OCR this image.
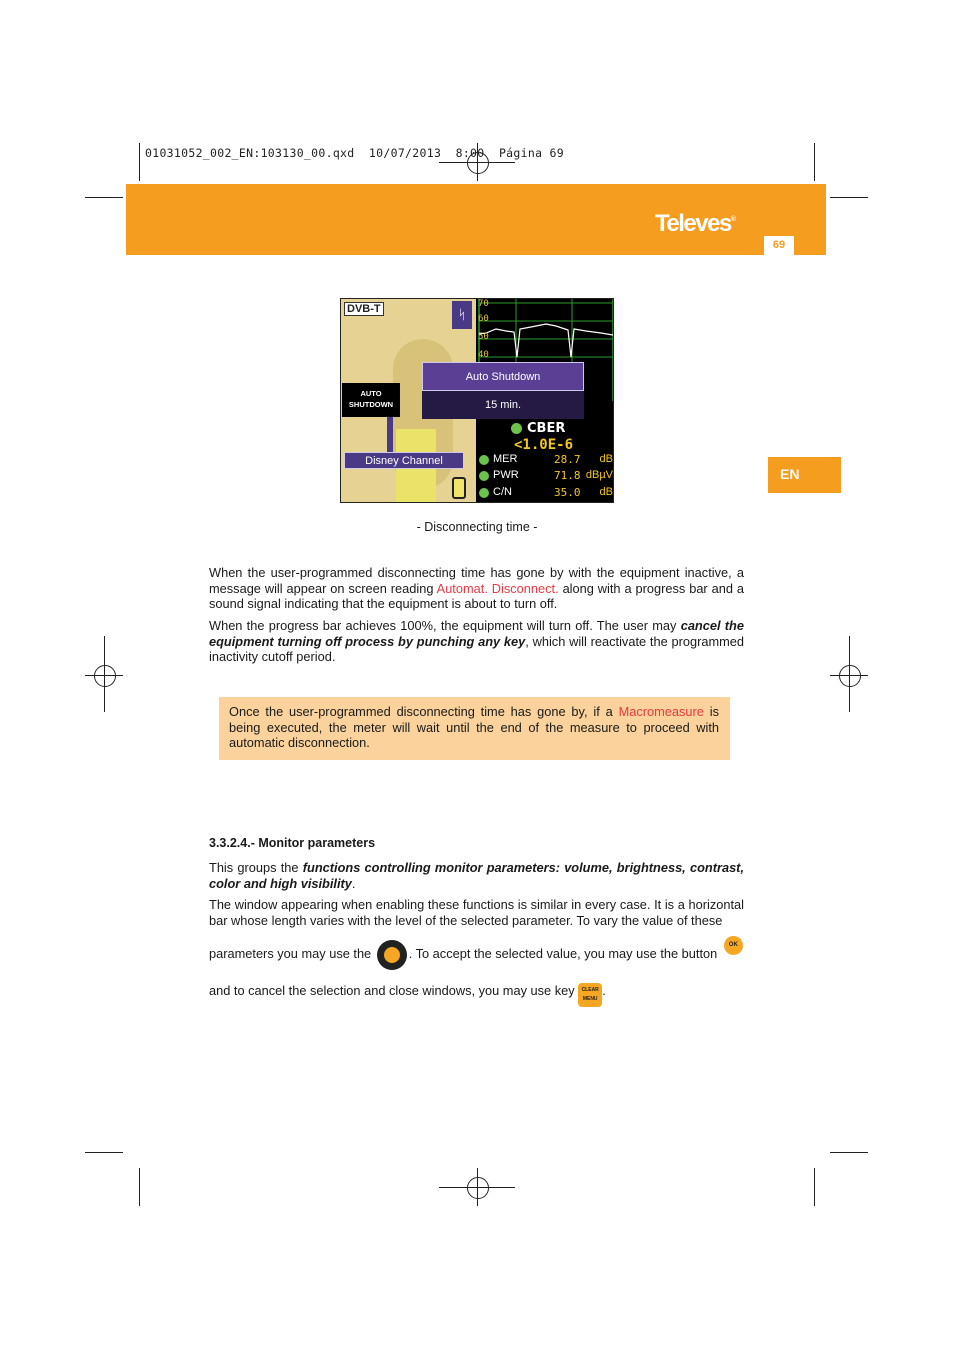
01031052_002_EN:103130_00.qxd  10/07/2013  8:00  Página 69
Televes®
69
EN
70
60
50
40
DVB-T	ᛋ
AUTO
SHUTDOWN
Auto Shutdown
15 min.
Disney Channel
CBER
<1.0E-6
MER	28.7 dB
PWR	71.8 dBµV
C/N	35.0 dB
- Disconnecting time -
When the user-programmed disconnecting time has gone by with the equipment inactive, a message will appear on screen reading Automat. Disconnect. along with a progress bar and a sound signal indicating that the equipment is about to turn off.
When the progress bar achieves 100%, the equipment will turn off. The user may cancel the equipment turning off process by punching any key, which will reactivate the programmed inactivity cutoff period.
Once the user-programmed disconnecting time has gone by, if a Macromeasure is being executed, the meter will wait until the end of the measure to proceed with automatic disconnection.
3.3.2.4.- Monitor parameters
This groups the functions controlling monitor parameters: volume, brightness, contrast, color and high visibility.
The window appearing when enabling these functions is similar in every case. It is a horizontal bar whose length varies with the level of the selected parameter. To vary the value of these
parameters you may use the	. To accept the selected value, you may use the button OK
and to cancel the selection and close windows, you may use key CLEAR
MENU.
